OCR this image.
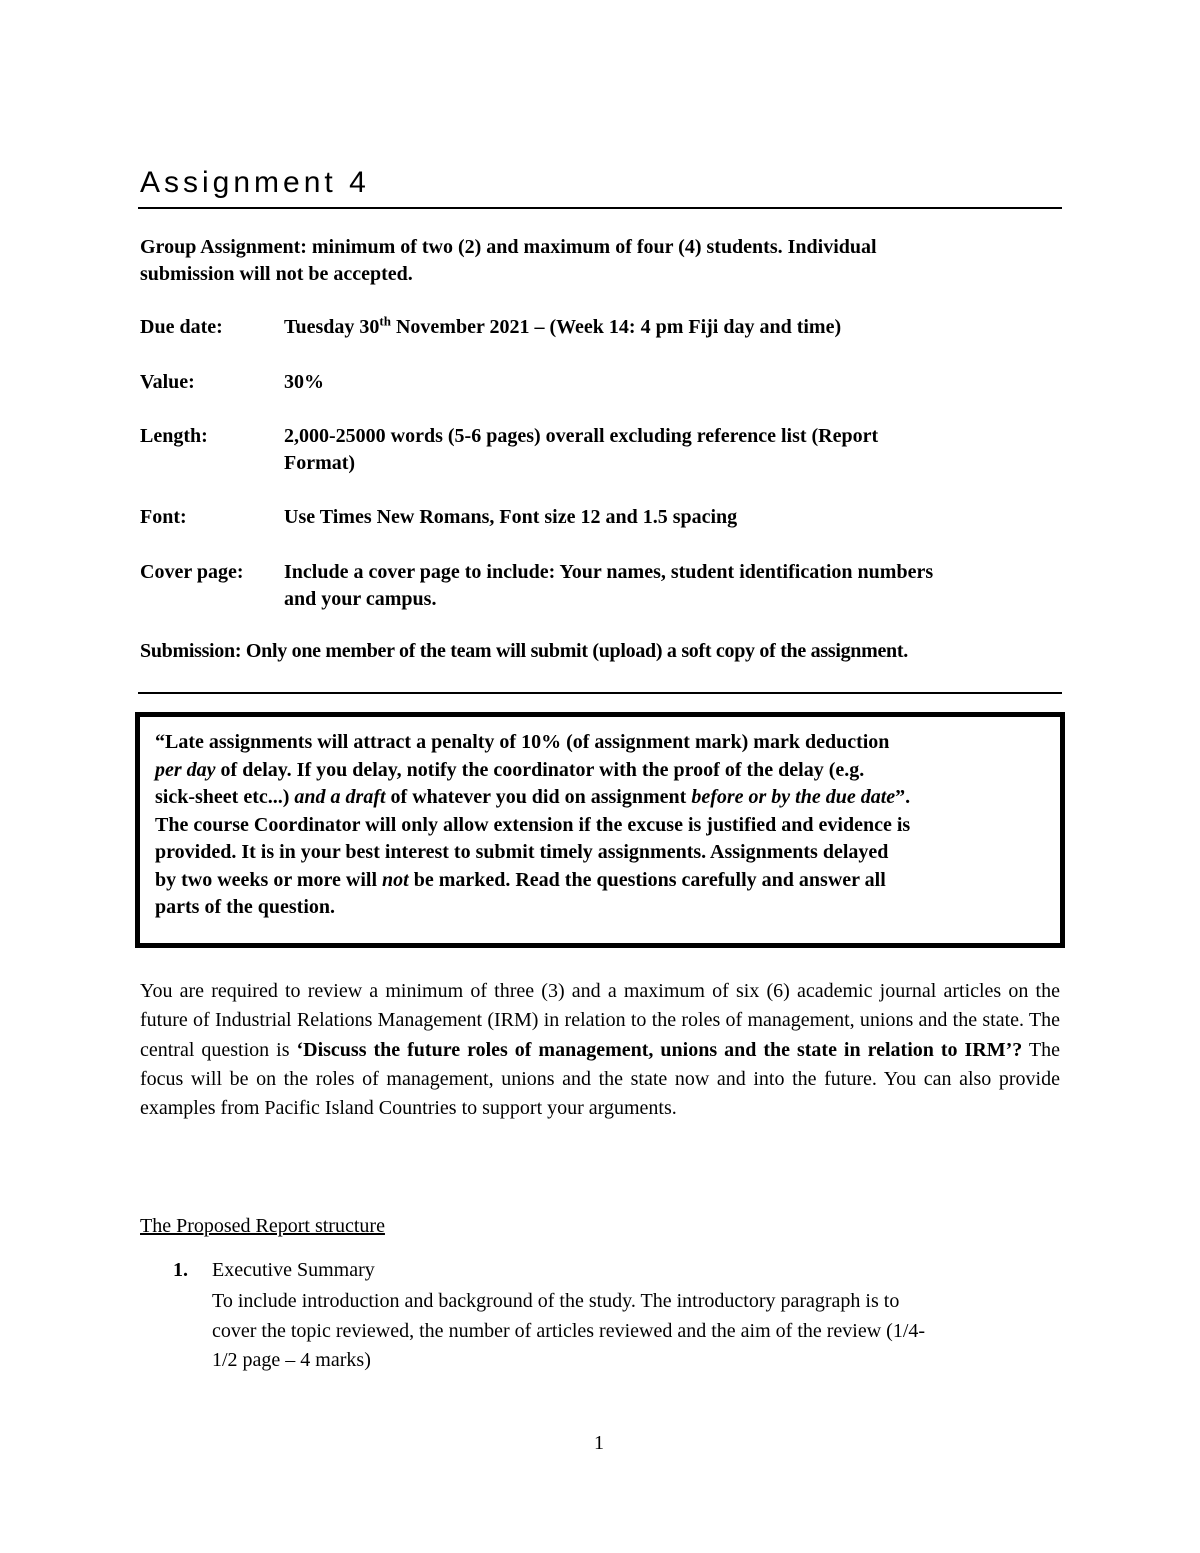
Assignment 4
Group Assignment: minimum of two (2) and maximum of four (4) students. Individual
submission will not be accepted.
Due date:	Tuesday 30th November 2021 – (Week 14: 4 pm Fiji day and time)
Value:	30%
Length:	2,000-25000 words (5-6 pages) overall excluding reference list (Report
Format)
Font:	Use Times New Romans, Font size 12 and 1.5 spacing
Cover page: Include a cover page to include: Your names, student identification numbers
and your campus.
Submission: Only one member of the team will submit (upload) a soft copy of the assignment.
“Late assignments will attract a penalty of 10% (of assignment mark) mark deduction
per day of delay. If you delay, notify the coordinator with the proof of the delay (e.g.
sick-sheet etc...) and a draft of whatever you did on assignment before or by the due date”.
The course Coordinator will only allow extension if the excuse is justified and evidence is
provided. It is in your best interest to submit timely assignments. Assignments delayed
by two weeks or more will not be marked. Read the questions carefully and answer all
parts of the question.
You are required to review a minimum of three (3) and a maximum of six (6) academic journal articles on the future of Industrial Relations Management (IRM) in relation to the roles of management, unions and the state. The central question is ‘Discuss the future roles of management, unions and the state in relation to IRM’? The focus will be on the roles of management, unions and the state now and into the future. You can also provide examples from Pacific Island Countries to support your arguments.
The Proposed Report structure
1. Executive Summary
To include introduction and background of the study. The introductory paragraph is to
cover the topic reviewed, the number of articles reviewed and the aim of the review (1/4-
1/2 page – 4 marks)
1
